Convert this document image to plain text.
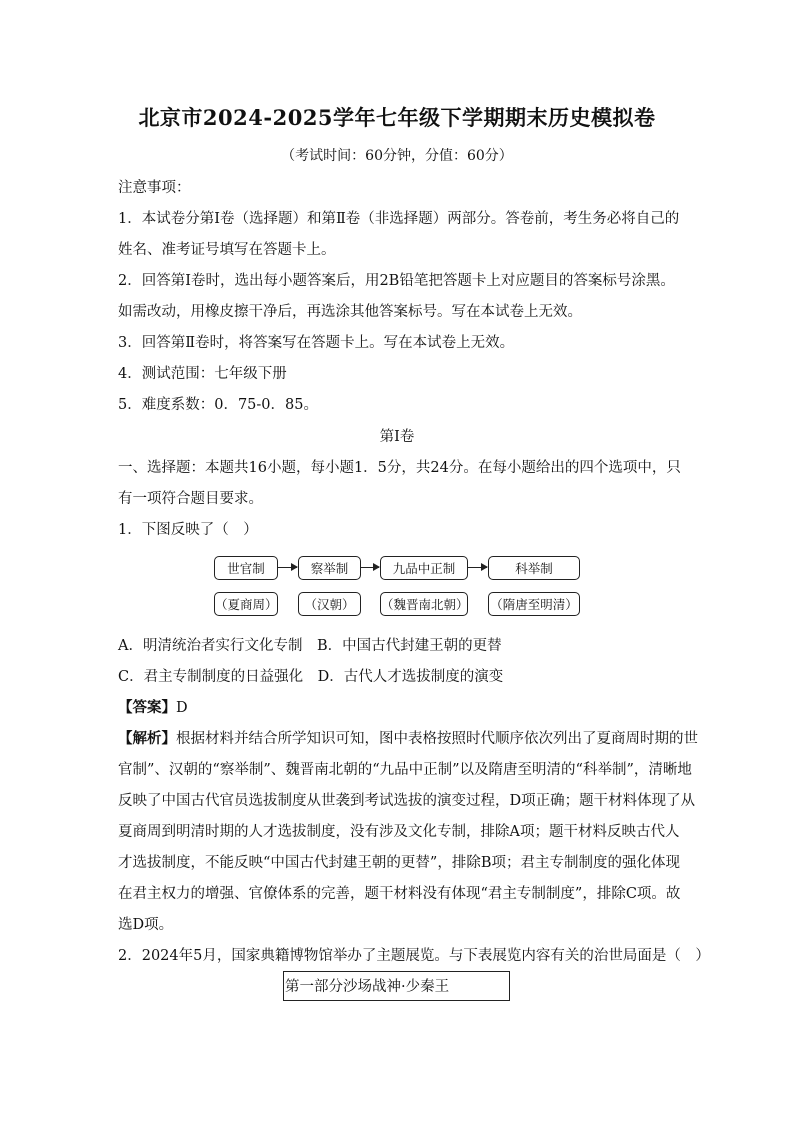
北京市2024-2025学年七年级下学期期末历史模拟卷
（考试时间：60分钟，分值：60分）
注意事项：
1．本试卷分第Ⅰ卷（选择题）和第Ⅱ卷（非选择题）两部分。答卷前，考生务必将自己的
姓名、准考证号填写在答题卡上。
2．回答第Ⅰ卷时，选出每小题答案后，用2B铅笔把答题卡上对应题目的答案标号涂黑。
如需改动，用橡皮擦干净后，再选涂其他答案标号。写在本试卷上无效。
3．回答第Ⅱ卷时，将答案写在答题卡上。写在本试卷上无效。
4．测试范围：七年级下册
5．难度系数：0．75-0．85。
第Ⅰ卷
一、选择题：本题共16小题，每小题1．5分，共24分。在每小题给出的四个选项中，只
有一项符合题目要求。
1．下图反映了（　）
世官制	察举制	九品中正制	科举制
（夏商周）	（汉朝）	（魏晋南北朝） （隋唐至明清）
A．明清统治者实行文化专制　B．中国古代封建王朝的更替
C．君主专制制度的日益强化　D．古代人才选拔制度的演变
【答案】D
【解析】根据材料并结合所学知识可知，图中表格按照时代顺序依次列出了夏商周时期的世
官制”、汉朝的“察举制”、魏晋南北朝的“九品中正制”以及隋唐至明清的“科举制”，清晰地
反映了中国古代官员选拔制度从世袭到考试选拔的演变过程，D项正确；题干材料体现了从
夏商周到明清时期的人才选拔制度，没有涉及文化专制，排除A项；题干材料反映古代人
才选拔制度，不能反映“中国古代封建王朝的更替”，排除B项；君主专制制度的强化体现
在君主权力的增强、官僚体系的完善，题干材料没有体现“君主专制制度”，排除C项。故
选D项。
2．2024年5月，国家典籍博物馆举办了主题展览。与下表展览内容有关的治世局面是（　）
第一部分沙场战神·少秦王
